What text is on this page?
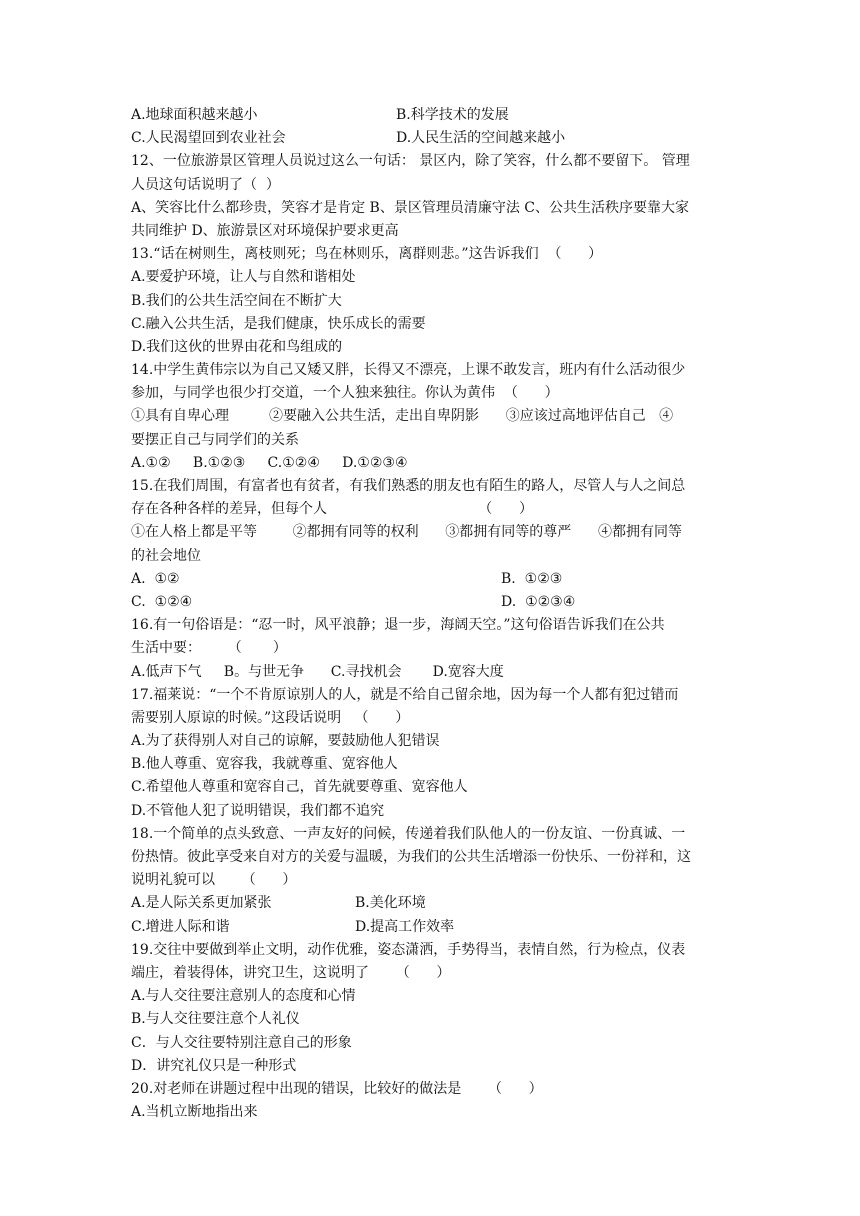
A.地球面积越来越小	B.科学技术的发展
C.人民渴望回到农业社会	D.人民生活的空间越来越小
12、一位旅游景区管理人员说过这么一句话： 景区内，除了笑容，什么都不要留下。 管理
人员这句话说明了（  ）
A、笑容比什么都珍贵，笑容才是肯定 B、景区管理员清廉守法 C、公共生活秩序要靠大家
共同维护 D、旅游景区对环境保护要求更高
13.“话在树则生，离枝则死；鸟在林则乐，离群则悲。”这告诉我们  （      ）
A.要爱护环境，让人与自然和谐相处
B.我们的公共生活空间在不断扩大
C.融入公共生活，是我们健康，快乐成长的需要
D.我们这伙的世界由花和鸟组成的
14.中学生黄伟宗以为自己又矮又胖，长得又不漂亮，上课不敢发言，班内有什么活动很少
参加，与同学也很少打交道，一个人独来独往。你认为黄伟  （      ）
①具有自卑心理         ②要融入公共生活，走出自卑阴影      ③应该过高地评估自己   ④
要摆正自己与同学们的关系
A.①②     B.①②③     C.①②④     D.①②③④
15.在我们周围，有富者也有贫者，有我们熟悉的朋友也有陌生的路人，尽管人与人之间总
存在各种各样的差异，但每个人                                  （      ）
①在人格上都是平等        ②都拥有同等的权利      ③都拥有同等的尊严      ④都拥有同等
的社会地位
A.  ①②	B.  ①②③
C.  ①②④	D.  ①②③④
16.有一句俗语是：“忍一时，风平浪静；退一步，海阔天空。”这句俗语告诉我们在公共
生活中要：      （       ）
A.低声下气     B。与世无争      C.寻找机会       D.宽容大度
17.福莱说：“一个不肯原谅别人的人，就是不给自己留余地，因为每一个人都有犯过错而
需要别人原谅的时候。”这段话说明   （      ）
A.为了获得别人对自己的谅解，要鼓励他人犯错误
B.他人尊重、宽容我，我就尊重、宽容他人
C.希望他人尊重和宽容自己，首先就要尊重、宽容他人
D.不管他人犯了说明错误，我们都不追究
18.一个简单的点头致意、一声友好的问候，传递着我们队他人的一份友谊、一份真诚、一
份热情。彼此享受来自对方的关爱与温暖，为我们的公共生活增添一份快乐、一份祥和，这
说明礼貌可以      （      ）
A.是人际关系更加紧张	B.美化环境
C.增进人际和谐	D.提高工作效率
19.交往中要做到举止文明，动作优雅，姿态潇洒，手势得当，表情自然，行为检点，仪表
端庄，着装得体，讲究卫生，这说明了      （      ）
A.与人交往要注意别人的态度和心情
B.与人交往要注意个人礼仪
C．与人交往要特别注意自己的形象
D．讲究礼仪只是一种形式
20.对老师在讲题过程中出现的错误，比较好的做法是      （      ）
A.当机立断地指出来
